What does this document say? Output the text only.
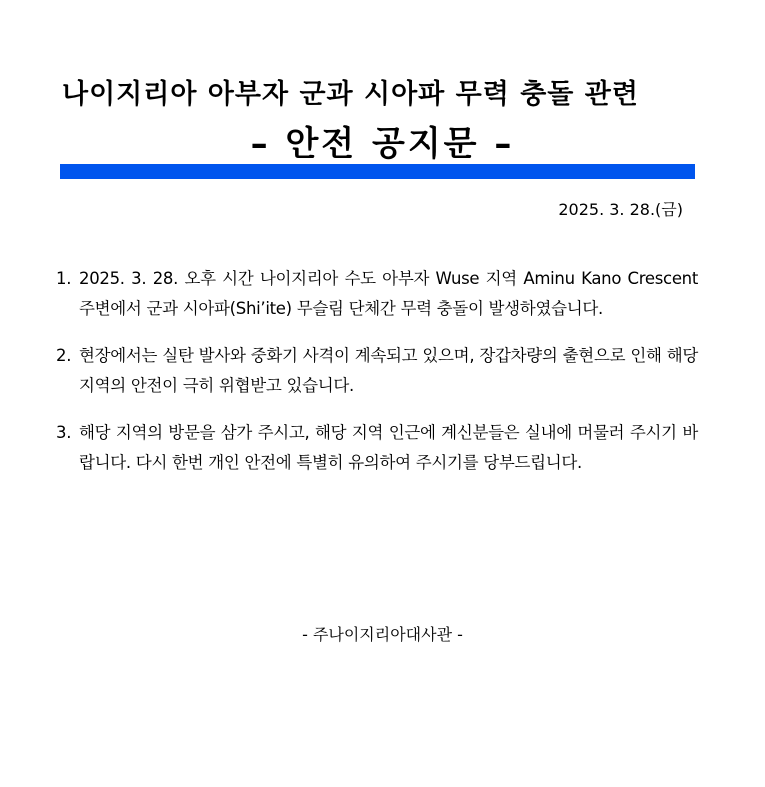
나이지리아 아부자 군과 시아파 무력 충돌 관련
– 안전 공지문 –
2025. 3. 28.(금)
1. 2025. 3. 28. 오후 시간 나이지리아 수도 아부자 Wuse 지역 Aminu Kano Crescent 주변에서 군과 시아파(Shi’ite) 무슬림 단체간 무력 충돌이 발생하였습니다.
2. 현장에서는 실탄 발사와 중화기 사격이 계속되고 있으며, 장갑차량의 출현으로 인해 해당지역의 안전이 극히 위협받고 있습니다.
3. 해당 지역의 방문을 삼가 주시고, 해당 지역 인근에 계신분들은 실내에 머물러 주시기 바랍니다. 다시 한번 개인 안전에 특별히 유의하여 주시기를 당부드립니다.
- 주나이지리아대사관 -
